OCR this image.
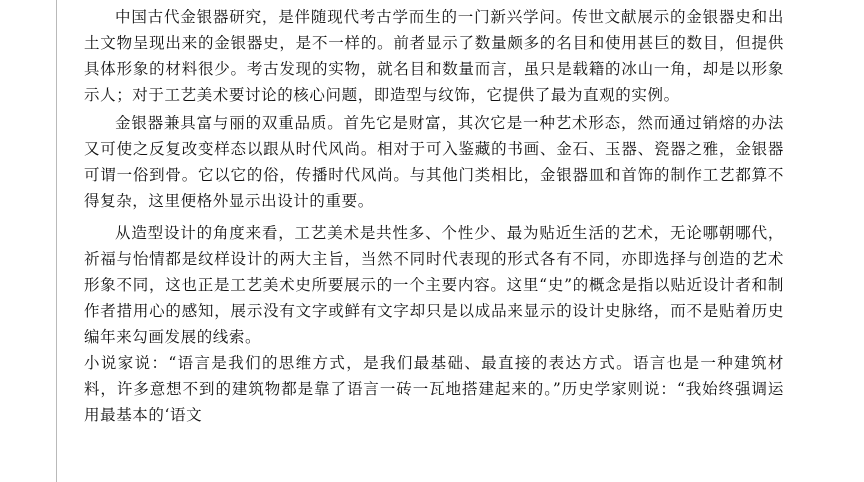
中国古代金银器研究，是伴随现代考古学而生的一门新兴学问。传世文献展示的金银器史和出土文物呈现出来的金银器史，是不一样的。前者显示了数量颇多的名目和使用甚巨的数目，但提供具体形象的材料很少。考古发现的实物，就名目和数量而言，虽只是载籍的冰山一角，却是以形象示人；对于工艺美术要讨论的核心问题，即造型与纹饰，它提供了最为直观的实例。

金银器兼具富与丽的双重品质。首先它是财富，其次它是一种艺术形态，然而通过销熔的办法又可使之反复改变样态以跟从时代风尚。相对于可入鉴藏的书画、金石、玉器、瓷器之雅，金银器可谓一俗到骨。它以它的俗，传播时代风尚。与其他门类相比，金银器皿和首饰的制作工艺都算不得复杂，这里便格外显示出设计的重要。

从造型设计的角度来看，工艺美术是共性多、个性少、最为贴近生活的艺术，无论哪朝哪代，祈福与怡情都是纹样设计的两大主旨，当然不同时代表现的形式各有不同，亦即选择与创造的艺术形象不同，这也正是工艺美术史所要展示的一个主要内容。这里“史”的概念是指以贴近设计者和制作者措用心的感知，展示没有文字或鲜有文字却只是以成品来显示的设计史脉络，而不是贴着历史编年来勾画发展的线索。

小说家说：“语言是我们的思维方式，是我们最基础、最直接的表达方式。语言也是一种建筑材料，许多意想不到的建筑物都是靠了语言一砖一瓦地搭建起来的。”历史学家则说：“我始终强调运用最基本的‘语文
